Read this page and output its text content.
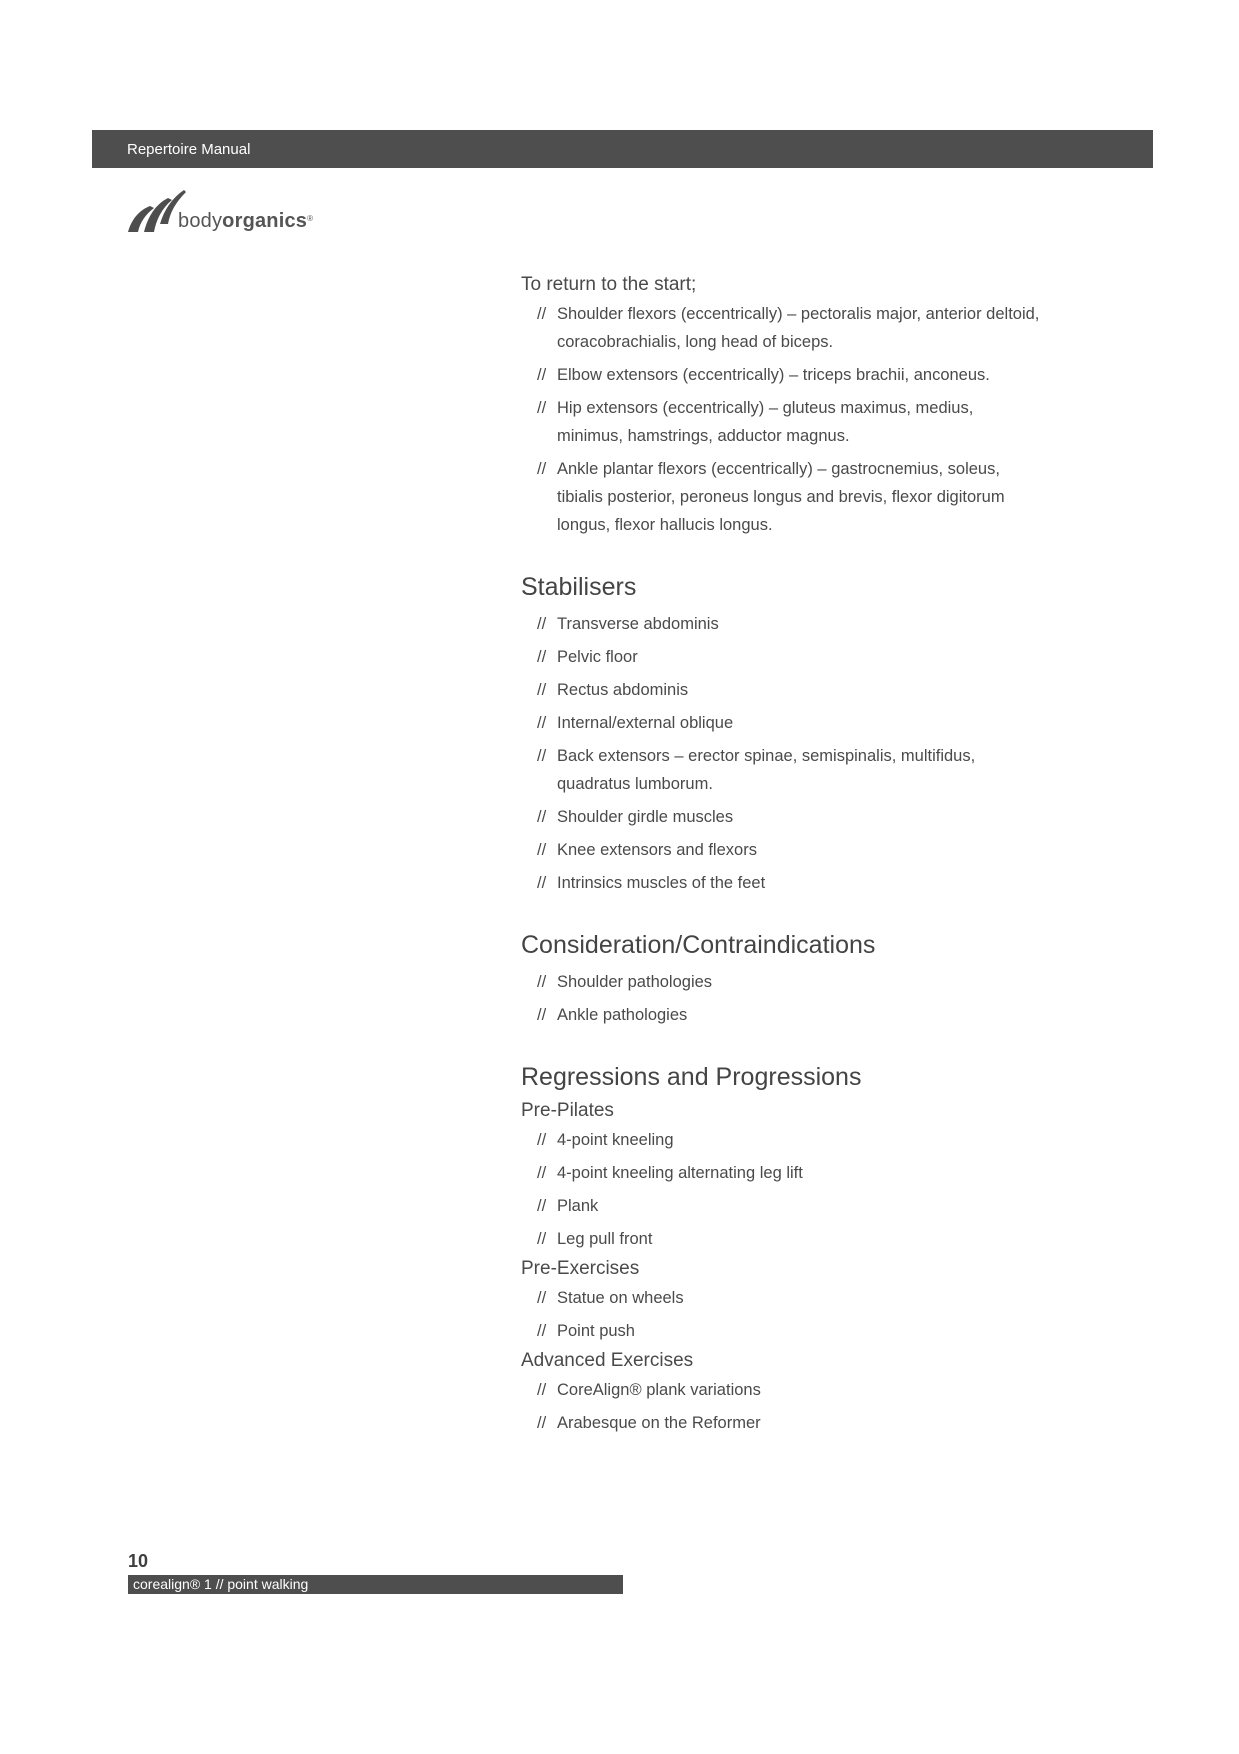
Repertoire Manual
bodyorganics®

To return to the start;

// Shoulder flexors (eccentrically) – pectoralis major, anterior deltoid, coracobrachialis, long head of biceps.
// Elbow extensors (eccentrically) – triceps brachii, anconeus.
// Hip extensors (eccentrically) – gluteus maximus, medius, minimus, hamstrings, adductor magnus.
// Ankle plantar flexors (eccentrically) – gastrocnemius, soleus, tibialis posterior, peroneus longus and brevis, flexor digitorum longus, flexor hallucis longus.
Stabilisers
// Transverse abdominis
// Pelvic floor
// Rectus abdominis
// Internal/external oblique
// Back extensors – erector spinae, semispinalis, multifidus, quadratus lumborum.
// Shoulder girdle muscles
// Knee extensors and flexors
// Intrinsics muscles of the feet
Consideration/Contraindications
// Shoulder pathologies
// Ankle pathologies
Regressions and Progressions
Pre-Pilates
// 4-point kneeling
// 4-point kneeling alternating leg lift
// Plank
// Leg pull front
Pre-Exercises
// Statue on wheels
// Point push
Advanced Exercises
// CoreAlign® plank variations
// Arabesque on the Reformer
10
corealign® 1 // point walking
